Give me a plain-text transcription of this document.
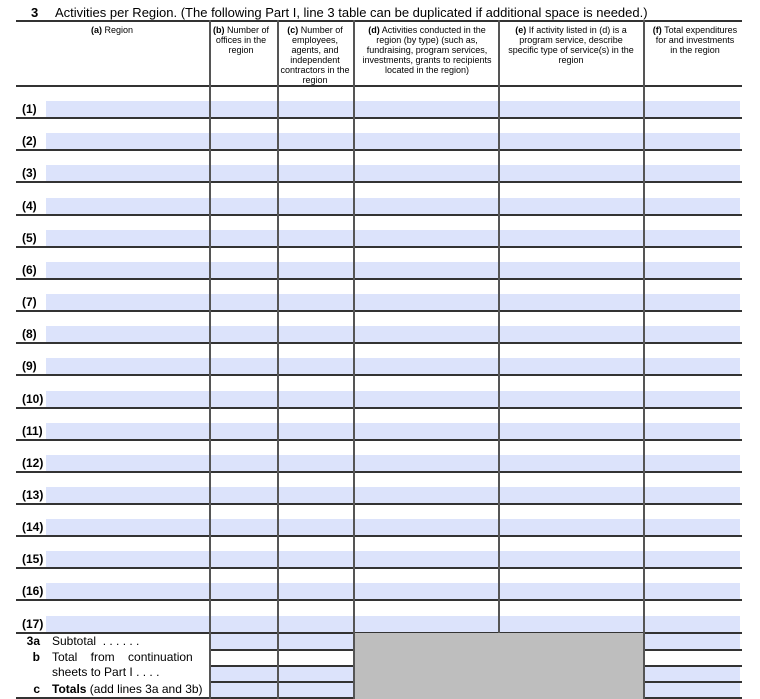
3 Activities per Region. (The following Part I, line 3 table can be duplicated if additional space is needed.)
(a) Region	(b) Number of offices in the region
(c) Number of employees, agents, and independent contractors in the region
(d) Activities conducted in the region (by type) (such as, fundraising, program services, investments, grants to recipients located in the region)
(e) If activity listed in (d) is a program service, describe specific type of service(s) in the region
(f) Total expenditures for and investments in the region
(1)
(2)
(3)
(4)
(5)
(6)
(7)
(8)
(9)
(10)
(11)
(12)
(13)
(14)
(15)
(16)
(17)
3a Subtotal . . . . . .
b Total from continuation
sheets to Part I . . . .
c Totals (add lines 3a and 3b)
